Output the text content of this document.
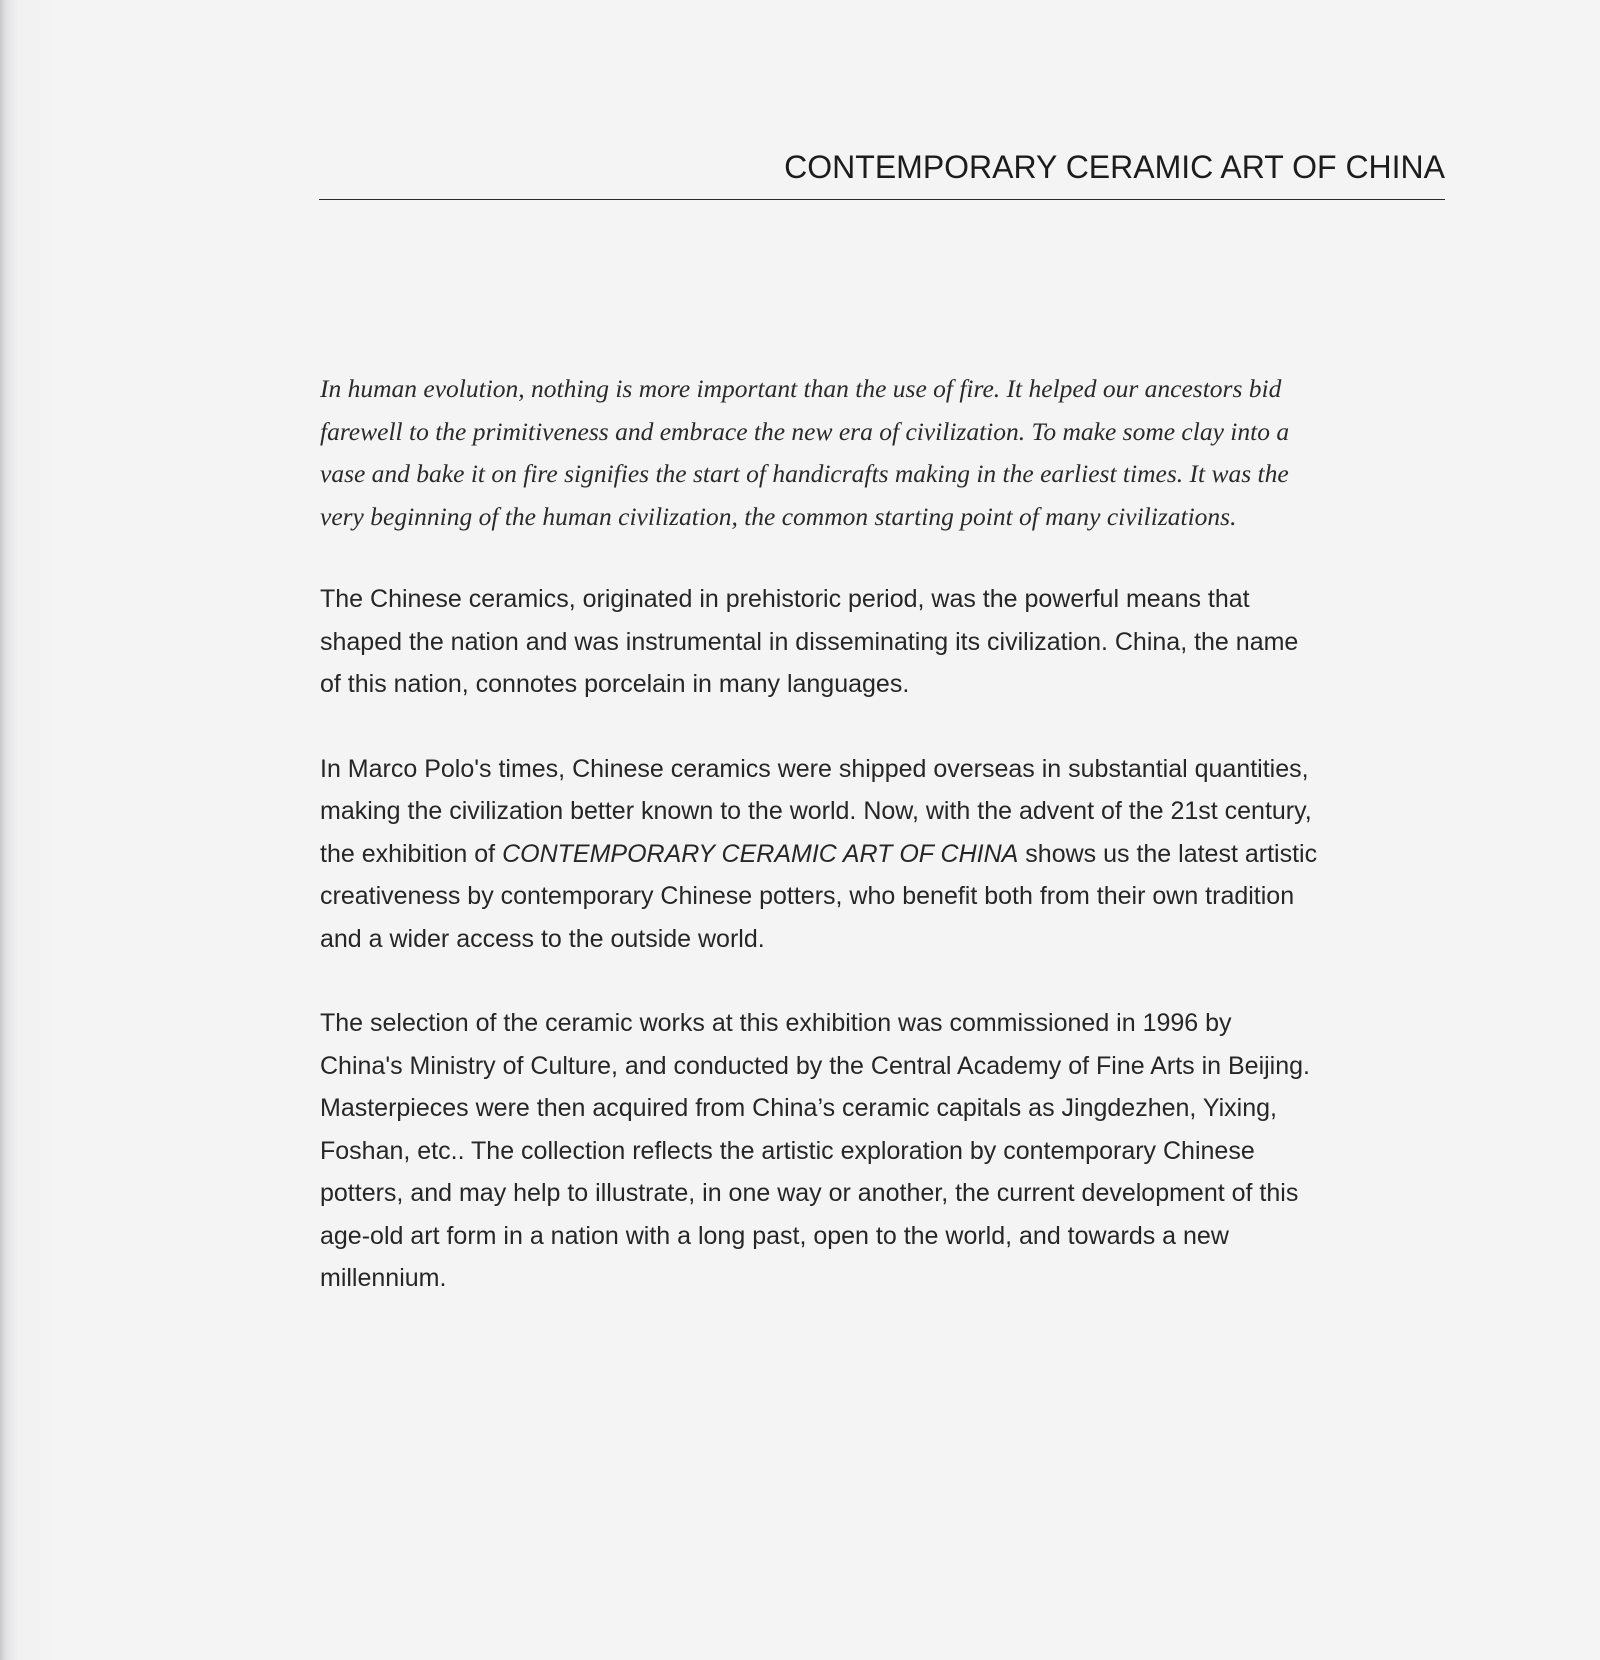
CONTEMPORARY CERAMIC ART OF CHINA

In human evolution, nothing is more important than the use of fire. It helped our ancestors bid farewell to the primitiveness and embrace the new era of civilization. To make some clay into a vase and bake it on fire signifies the start of handicrafts making in the earliest times. It was the very beginning of the human civilization, the common starting point of many civilizations.

The Chinese ceramics, originated in prehistoric period, was the powerful means that shaped the nation and was instrumental in disseminating its civilization. China, the name of this nation, connotes porcelain in many languages.

In Marco Polo's times, Chinese ceramics were shipped overseas in substantial quantities, making the civilization better known to the world. Now, with the advent of the 21st century, the exhibition of CONTEMPORARY CERAMIC ART OF CHINA shows us the latest artistic creativeness by contemporary Chinese potters, who benefit both from their own tradition and a wider access to the outside world.

The selection of the ceramic works at this exhibition was commissioned in 1996 by China's Ministry of Culture, and conducted by the Central Academy of Fine Arts in Beijing. Masterpieces were then acquired from China’s ceramic capitals as Jingdezhen, Yixing, Foshan, etc.. The collection reflects the artistic exploration by contemporary Chinese potters, and may help to illustrate, in one way or another, the current development of this age-old art form in a nation with a long past, open to the world, and towards a new millennium.
